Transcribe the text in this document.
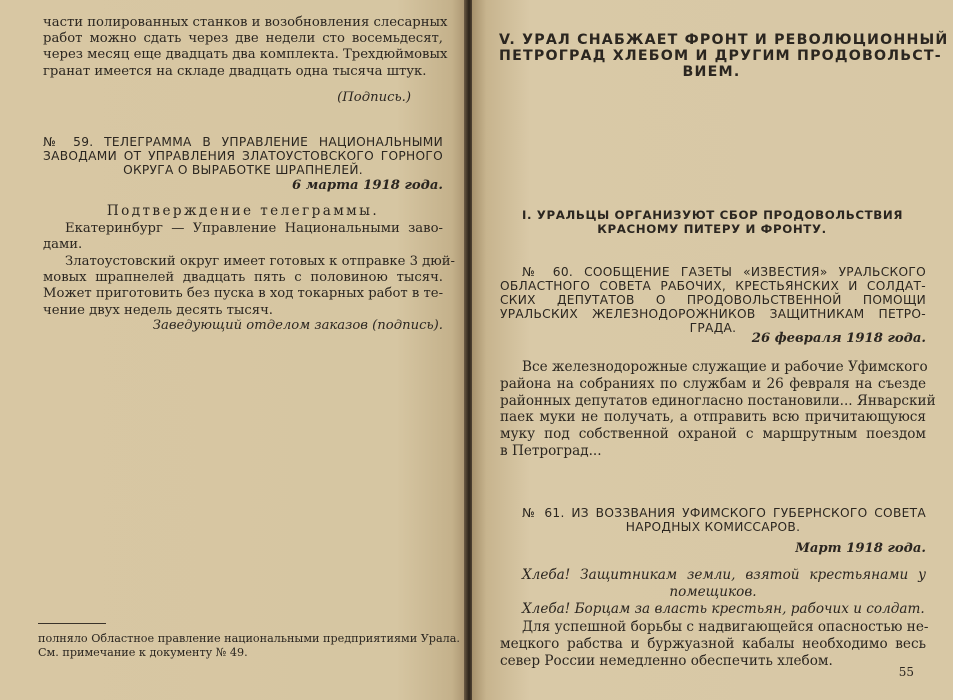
части полированных станков и возобновления слесарных
работ можно сдать через две недели сто восемьдесят,
через месяц еще двадцать два комплекта. Трехдюймовых
гранат имеется на складе двадцать одна тысяча штук.
(Подпись.)
№ 59. ТЕЛЕГРАММА В УПРАВЛЕНИЕ НАЦИОНАЛЬНЫМИ
ЗАВОДАМИ ОТ УПРАВЛЕНИЯ ЗЛАТОУСТОВСКОГО ГОРНОГО
ОКРУГА О ВЫРАБОТКЕ ШРАПНЕЛЕЙ.
6 марта 1918 года.
Подтверждение телеграммы.
Екатеринбург — Управление Национальными заво-
дами.
Златоустовский округ имеет готовых к отправке 3 дюй-
мовых шрапнелей двадцать пять с половиною тысяч.
Может приготовить без пуска в ход токарных работ в те-
чение двух недель десять тысяч.
Заведующий отделом заказов (подпись).
полняло Областное правление национальными предприятиями Урала.
См. примечание к документу № 49.
V. УРАЛ СНАБЖАЕТ ФРОНТ И РЕВОЛЮЦИОННЫЙ
ПЕТРОГРАД ХЛЕБОМ И ДРУГИМ ПРОДОВОЛЬСТ-
ВИЕМ.
I. УРАЛЬЦЫ ОРГАНИЗУЮТ СБОР ПРОДОВОЛЬСТВИЯ
КРАСНОМУ ПИТЕРУ И ФРОНТУ.
№ 60. СООБЩЕНИЕ ГАЗЕТЫ «ИЗВЕСТИЯ» УРАЛЬСКОГО
ОБЛАСТНОГО СОВЕТА РАБОЧИХ, КРЕСТЬЯНСКИХ И СОЛДАТ-
СКИХ ДЕПУТАТОВ О ПРОДОВОЛЬСТВЕННОЙ ПОМОЩИ
УРАЛЬСКИХ ЖЕЛЕЗНОДОРОЖНИКОВ ЗАЩИТНИКАМ ПЕТРО-
ГРАДА.
26 февраля 1918 года.
Все железнодорожные служащие и рабочие Уфимского
района на собраниях по службам и 26 февраля на съезде
районных депутатов единогласно постановили... Январский
паек муки не получать, а отправить всю причитающуюся
муку под собственной охраной с маршрутным поездом
в Петроград...
№ 61. ИЗ ВОЗЗВАНИЯ УФИМСКОГО ГУБЕРНСКОГО СОВЕТА
НАРОДНЫХ КОМИССАРОВ.
Март 1918 года.
Хлеба! Защитникам земли, взятой крестьянами у
помещиков.
Хлеба! Борцам за власть крестьян, рабочих и солдат.
Для успешной борьбы с надвигающейся опасностью не-
мецкого рабства и буржуазной кабалы необходимо весь
север России немедленно обеспечить хлебом.
55
